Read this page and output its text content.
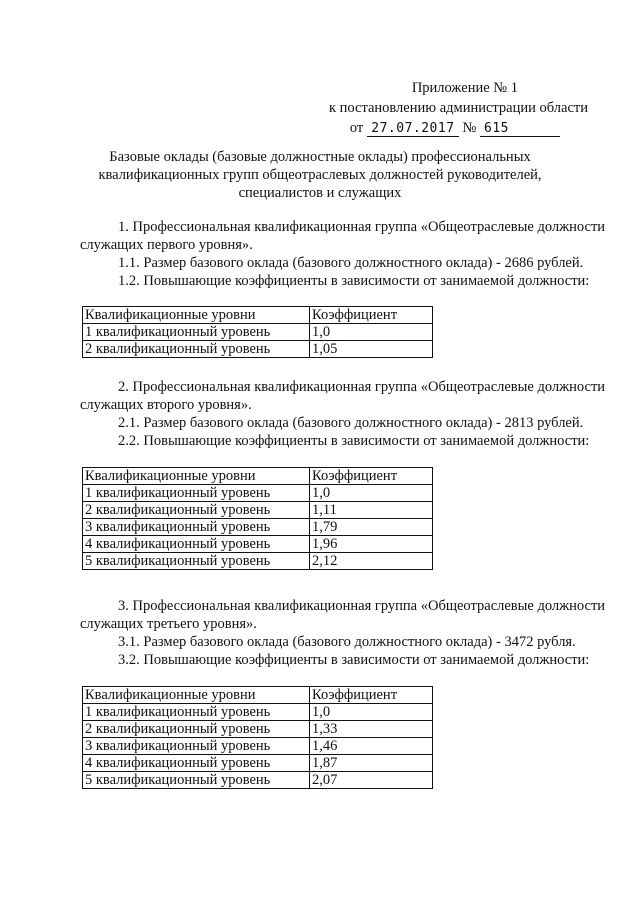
Приложение № 1
к постановлению администрации области
от 27.07.2017 № 615
Базовые оклады (базовые должностные оклады) профессиональных
квалификационных групп общеотраслевых должностей руководителей,
специалистов и служащих

1. Профессиональная квалификационная группа «Общеотраслевые должности

служащих первого уровня».

1.1. Размер базового оклада (базового должностного оклада) - 2686 рублей.

1.2. Повышающие коэффициенты в зависимости от занимаемой должности:

Квалификационные уровни	Коэффициент
1 квалификационный уровень	1,0
2 квалификационный уровень	1,05

2. Профессиональная квалификационная группа «Общеотраслевые должности

служащих второго уровня».

2.1. Размер базового оклада (базового должностного оклада) - 2813 рублей.

2.2. Повышающие коэффициенты в зависимости от занимаемой должности:

Квалификационные уровни	Коэффициент
1 квалификационный уровень	1,0
2 квалификационный уровень	1,11
3 квалификационный уровень	1,79
4 квалификационный уровень	1,96
5 квалификационный уровень	2,12

3. Профессиональная квалификационная группа «Общеотраслевые должности

служащих третьего уровня».

3.1. Размер базового оклада (базового должностного оклада) - 3472 рубля.

3.2. Повышающие коэффициенты в зависимости от занимаемой должности:

Квалификационные уровни	Коэффициент
1 квалификационный уровень	1,0
2 квалификационный уровень	1,33
3 квалификационный уровень	1,46
4 квалификационный уровень	1,87
5 квалификационный уровень	2,07
